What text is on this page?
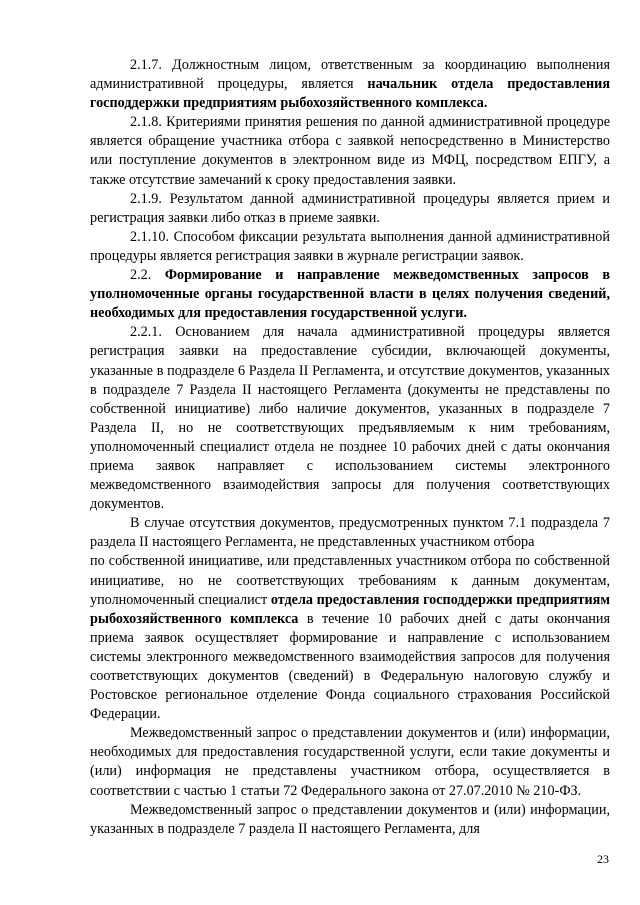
2.1.7. Должностным лицом, ответственным за координацию выполнения административной процедуры, является начальник отдела предоставления господдержки предприятиям рыбохозяйственного комплекса.

2.1.8. Критериями принятия решения по данной административной процедуре является обращение участника отбора с заявкой непосредственно в Министерство или поступление документов в электронном виде из МФЦ, посредством ЕПГУ, а также отсутствие замечаний к сроку предоставления заявки.

2.1.9. Результатом данной административной процедуры является прием и регистрация заявки либо отказ в приеме заявки.

2.1.10. Способом фиксации результата выполнения данной административной процедуры является регистрация заявки в журнале регистрации заявок.

2.2. Формирование и направление межведомственных запросов в уполномоченные органы государственной власти в целях получения сведений, необходимых для предоставления государственной услуги.

2.2.1. Основанием для начала административной процедуры является регистрация заявки на предоставление субсидии, включающей документы, указанные в подразделе 6 Раздела II Регламента, и отсутствие документов, указанных в подразделе 7 Раздела II настоящего Регламента (документы не представлены по собственной инициативе) либо наличие документов, указанных в подразделе 7 Раздела II, но не соответствующих предъявляемым к ним требованиям, уполномоченный специалист отдела не позднее 10 рабочих дней с даты окончания приема заявок направляет с использованием системы электронного межведомственного взаимодействия запросы для получения соответствующих документов.

В случае отсутствия документов, предусмотренных пунктом 7.1 подраздела 7 раздела II настоящего Регламента, не представленных участником отбора

по собственной инициативе, или представленных участником отбора по собственной инициативе, но не соответствующих требованиям к данным документам, уполномоченный специалист отдела предоставления господдержки предприятиям рыбохозяйственного комплекса в течение 10 рабочих дней с даты окончания приема заявок осуществляет формирование и направление с использованием системы электронного межведомственного взаимодействия запросов для получения соответствующих документов (сведений) в Федеральную налоговую службу и Ростовское региональное отделение Фонда социального страхования Российской Федерации.

Межведомственный запрос о представлении документов и (или) информации, необходимых для предоставления государственной услуги, если такие документы и (или) информация не представлены участником отбора, осуществляется в соответствии с частью 1 статьи 72 Федерального закона от 27.07.2010 № 210-ФЗ.

Межведомственный запрос о представлении документов и (или) информации, указанных в подразделе 7 раздела II настоящего Регламента, для

23
